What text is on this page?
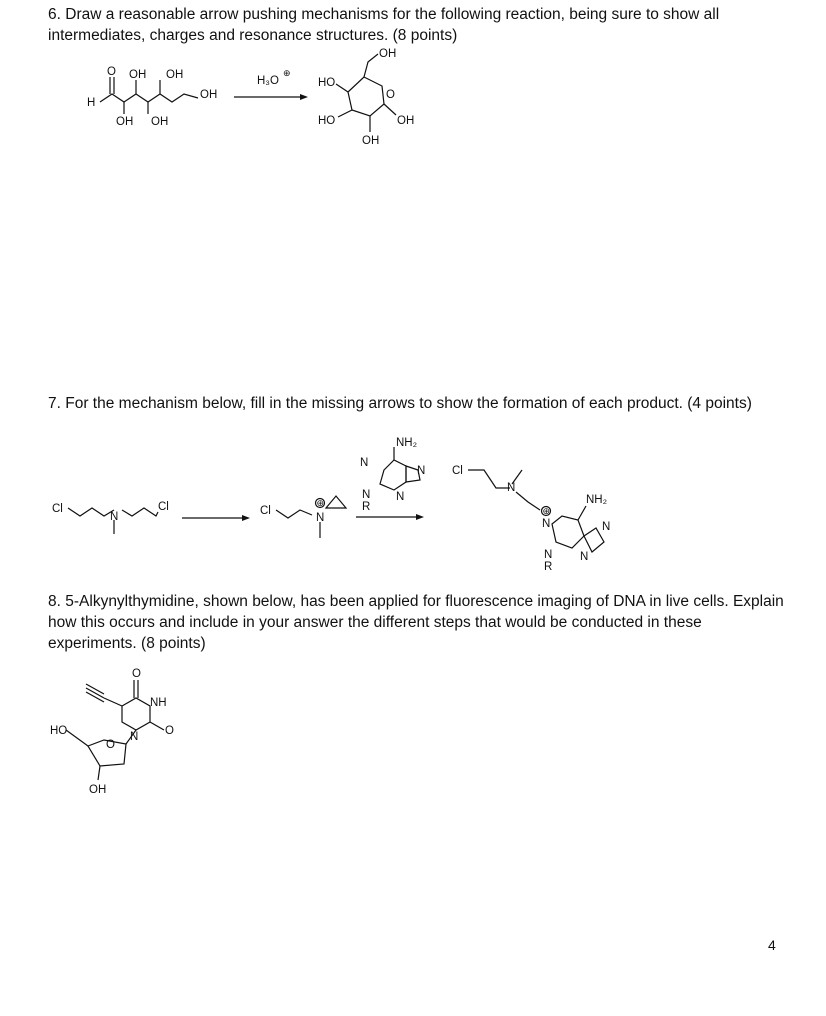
6. Draw a reasonable arrow pushing mechanisms for the following reaction, being sure to show all intermediates, charges and resonance structures. (8 points)
O
H
OH OH
OH
OH OH
H₃O
⊕
OH
HO
O
HO	OH
OH
7. For the mechanism below, fill in the missing arrows to show the formation of each product. (4 points)
Cl
N
Cl	Cl
N
⊕
NH₂
N
N
N N
R
Cl
N
NH₂
N
⊕
N
N N
R
8. 5-Alkynylthymidine, shown below, has been applied for fluorescence imaging of DNA in live cells. Explain how this occurs and include in your answer the different steps that would be conducted in these experiments. (8 points)
O
NH
HO	N O
O
OH
4
